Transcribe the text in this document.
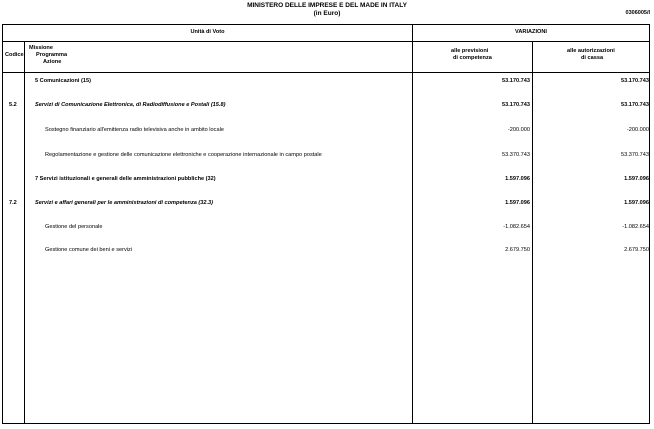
MINISTERO DELLE IMPRESE E DEL MADE IN ITALY
(in Euro)	0306005/I
Unità di Voto	VARIAZIONI
Codice
Missione
Programma
Azione
alle previsioni
di competenza
alle autorizzazioni
di cassa
5 Comunicazioni (15)	53.170.743	53.170.743
5.2	Servizi di Comunicazione Elettronica, di Radiodiffusione e Postali (15.8)	53.170.743	53.170.743
Sostegno finanziario all'emittenza radio televisiva anche in ambito locale	-200.000	-200.000
Regolamentazione e gestione delle comunicazione elettroniche e cooperazione internazionale in campo postale	53.370.743	53.370.743
7 Servizi istituzionali e generali delle amministrazioni pubbliche (32)	1.597.096	1.597.096
7.2	Servizi e affari generali per le amministrazioni di competenza (32.3)	1.597.096	1.597.096
Gestione del personale	-1.082.654	-1.082.654
Gestione comune dei beni e servizi	2.679.750	2.679.750
